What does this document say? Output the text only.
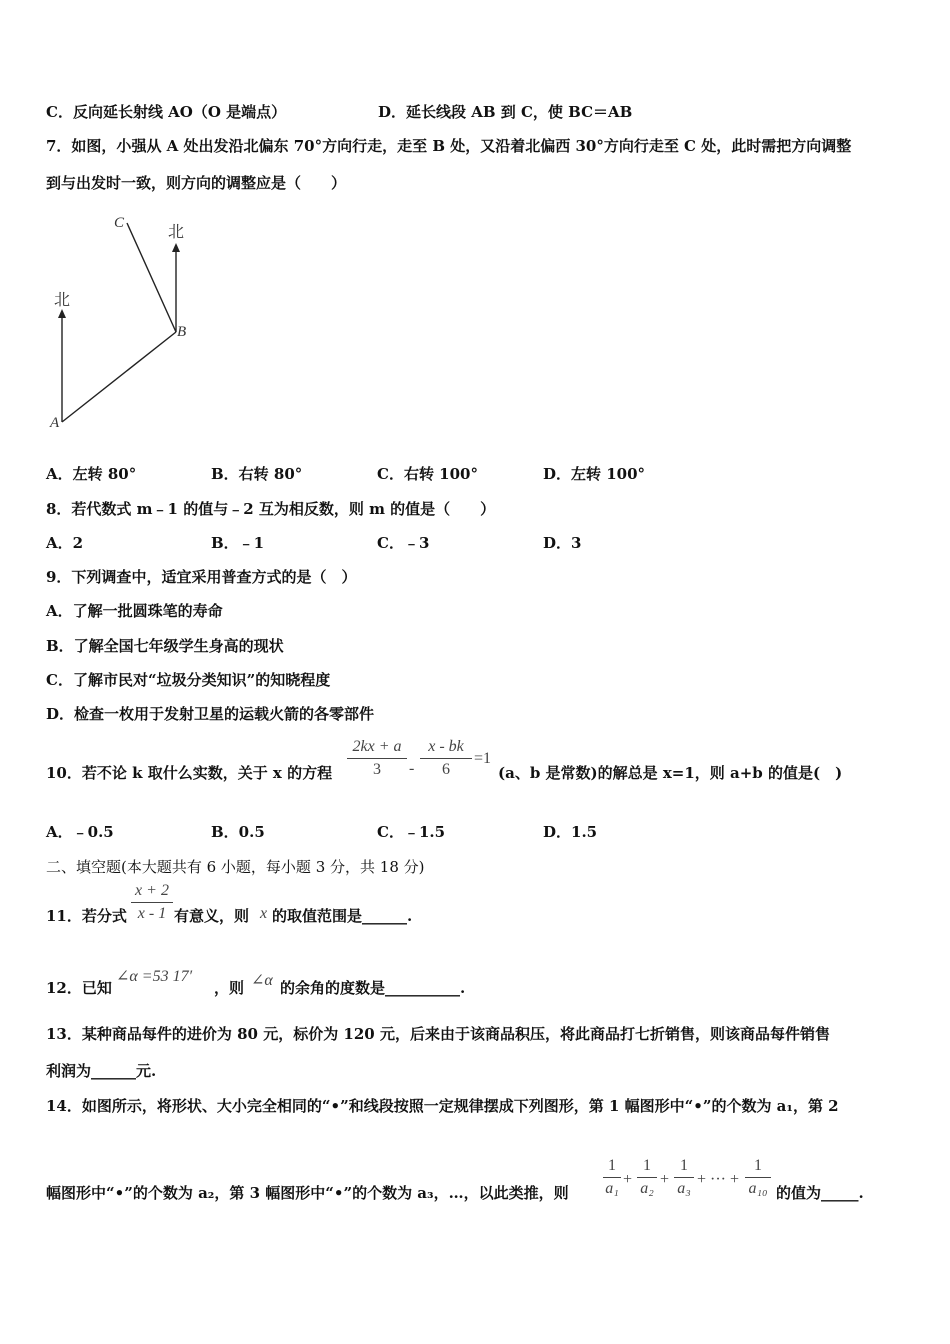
C．反向延长射线 AO（O 是端点）	D．延长线段 AB 到 C，使 BC＝AB
7．如图，小强从 A 处出发沿北偏东 70°方向行走，走至 B 处，又沿着北偏西 30°方向行走至 C 处，此时需把方向调整
到与出发时一致，则方向的调整应是（　　）
北
北
C
B
A
A．左转 80°	B．右转 80°	C．右转 100°	D．左转 100°
8．若代数式 m﹣1 的值与﹣2 互为相反数，则 m 的值是（　　）
A．2	B．﹣1	C．﹣3	D．3
9．下列调查中，适宜采用普查方式的是（　）
A．了解一批圆珠笔的寿命
B．了解全国七年级学生身高的现状
C．了解市民对“垃圾分类知识”的知晓程度
D．检查一枚用于发射卫星的运载火箭的各零部件
10．若不论 k 取什么实数，关于 x 的方程
2kx + a
3	-
x - bk
6
=1
(a、b 是常数)的解总是 x=1，则 a+b 的值是(　)
A．﹣0.5	B．0.5	C．﹣1.5	D．1.5
二、填空题(本大题共有 6 小题，每小题 3 分，共 18 分)
11．若分式
x + 2
x - 1 有意义，则 x 的取值范围是______.
12．已知
∠α =53 17′
，则 ∠α 的余角的度数是__________.
13．某种商品每件的进价为 80 元，标价为 120 元，后来由于该商品积压，将此商品打七折销售，则该商品每件销售
利润为______元.
14．如图所示，将形状、大小完全相同的“•”和线段按照一定规律摆成下列图形，第 1 幅图形中“•”的个数为 a₁，第 2
幅图形中“•”的个数为 a₂，第 3 幅图形中“•”的个数为 a₃，…，以此类推，则
1
a₁
+
1
a₂
+
1
a₃
+ ··· +
1
a₁₀ 的值为_____.
